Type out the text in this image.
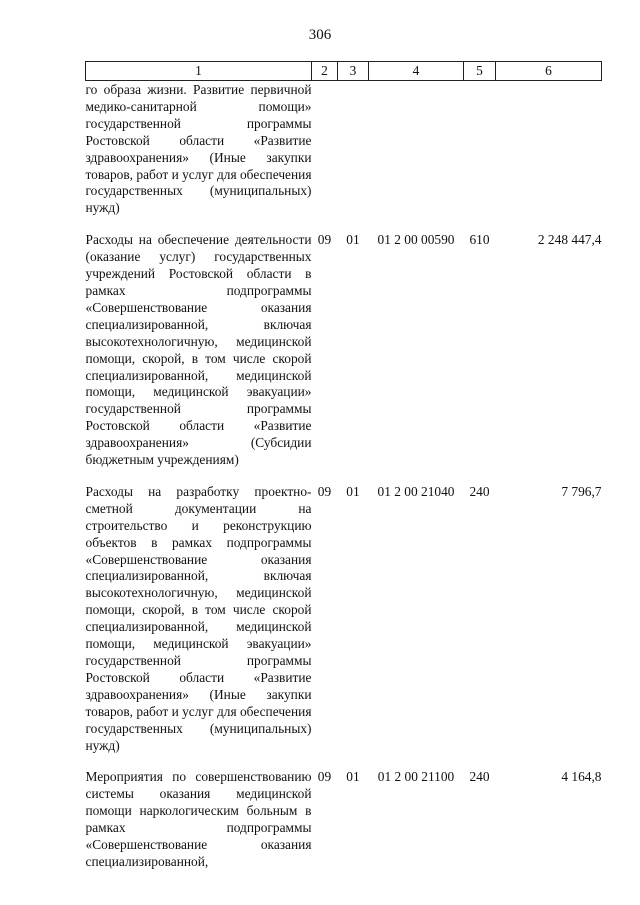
306
1	2	3	4	5	6
го образа жизни. Развитие первичной медико-санитарной помощи» государственной программы Ростовской области «Развитие здравоохранения» (Иные закупки товаров, работ и услуг для обеспечения государственных (муниципальных) нужд)					
Расходы на обеспечение деятельности (оказание услуг) государственных учреждений Ростовской области в рамках подпрограммы «Совершенствование оказания специализированной, включая высокотехнологичную, медицинской помощи, скорой, в том числе скорой специализированной, медицинской помощи, медицинской эвакуации» государственной программы Ростовской области «Развитие здравоохранения» (Субсидии бюджетным учреждениям)	09	01	01 2 00 00590	610	2 248 447,4
Расходы на разработку проектно-сметной документации на строительство и реконструкцию объектов в рамках подпрограммы «Совершенствование оказания специализированной, включая высокотехнологичную, медицинской помощи, скорой, в том числе скорой специализированной, медицинской помощи, медицинской эвакуации» государственной программы Ростовской области «Развитие здравоохранения» (Иные закупки товаров, работ и услуг для обеспечения государственных (муниципальных) нужд)	09	01	01 2 00 21040	240	7 796,7
Мероприятия по совершенствованию системы оказания медицинской помощи наркологическим больным в рамках подпрограммы «Совершенствование оказания специализированной,	09	01	01 2 00 21100	240	4 164,8
